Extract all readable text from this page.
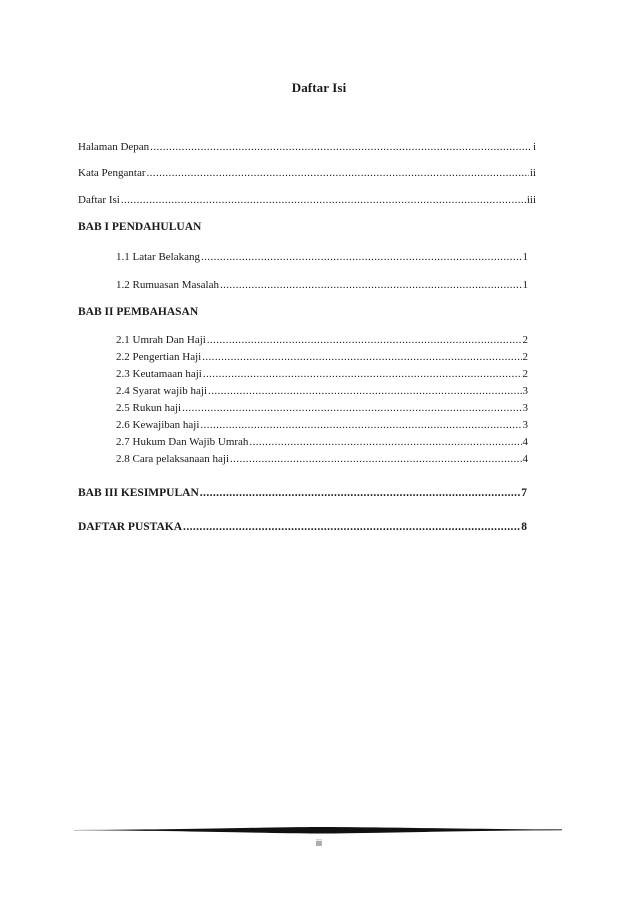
Daftar Isi
Halaman Depan .....	i
Kata Pengantar .....	ii
Daftar Isi .....	iii
BAB I PENDAHULUAN
1.1 Latar Belakang .....	1
1.2 Rumuasan Masalah .....	1
BAB II PEMBAHASAN
2.1 Umrah Dan Haji .....	2
2.2 Pengertian Haji .....	2
2.3 Keutamaan haji .....	2
2.4 Syarat wajib haji .....	3
2.5 Rukun haji .....	3
2.6 Kewajiban haji .....	3
2.7 Hukum Dan Wajib Umrah .....	4
2.8 Cara pelaksanaan haji .....	4
BAB III KESIMPULAN .....	7
DAFTAR PUSTAKA .....	8
iii
